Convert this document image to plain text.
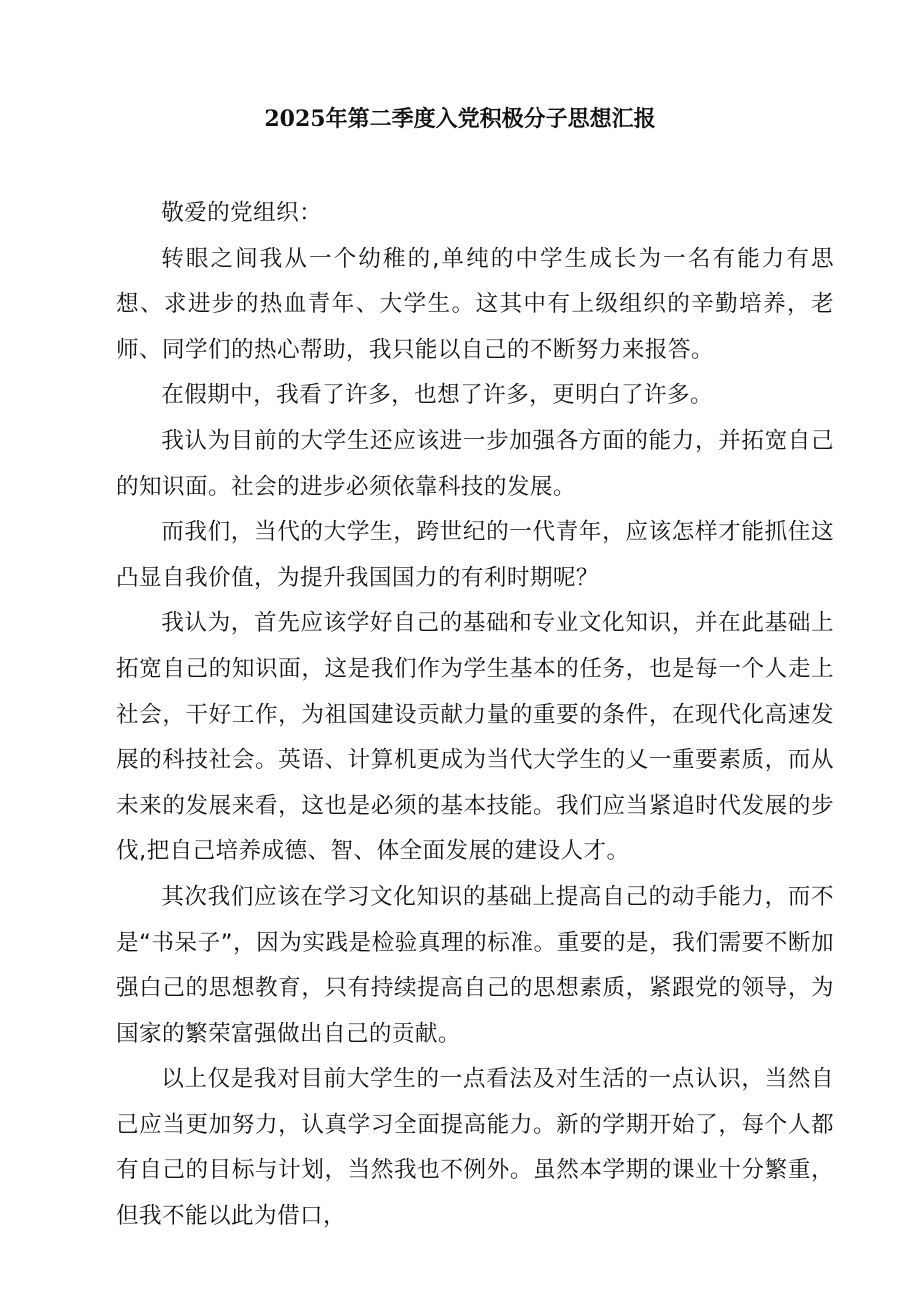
2025年第二季度入党积极分子思想汇报

敬爱的党组织：

转眼之间我从一个幼稚的,单纯的中学生成长为一名有能力有思想、求进步的热血青年、大学生。这其中有上级组织的辛勤培养，老师、同学们的热心帮助，我只能以自己的不断努力来报答。

在假期中，我看了许多，也想了许多，更明白了许多。

我认为目前的大学生还应该进一步加强各方面的能力，并拓宽自己的知识面。社会的进步必须依靠科技的发展。

而我们，当代的大学生，跨世纪的一代青年，应该怎样才能抓住这凸显自我价值，为提升我国国力的有利时期呢？

我认为，首先应该学好自己的基础和专业文化知识，并在此基础上拓宽自己的知识面，这是我们作为学生基本的任务，也是每一个人走上社会，干好工作，为祖国建设贡献力量的重要的条件，在现代化高速发展的科技社会。英语、计算机更成为当代大学生的乂一重要素质，而从未来的发展来看，这也是必须的基本技能。我们应当紧追时代发展的步伐,把自己培养成德、智、体全面发展的建设人才。

其次我们应该在学习文化知识的基础上提高自己的动手能力，而不是“书呆子”，因为实践是检验真理的标准。重要的是，我们需要不断加强白己的思想教育，只有持续提高自己的思想素质，紧跟党的领导，为国家的繁荣富强做出自己的贡献。

以上仅是我对目前大学生的一点看法及对生活的一点认识，当然自己应当更加努力，认真学习全面提高能力。新的学期开始了，每个人都有自己的目标与计划，当然我也不例外。虽然本学期的课业十分繁重，但我不能以此为借口，
